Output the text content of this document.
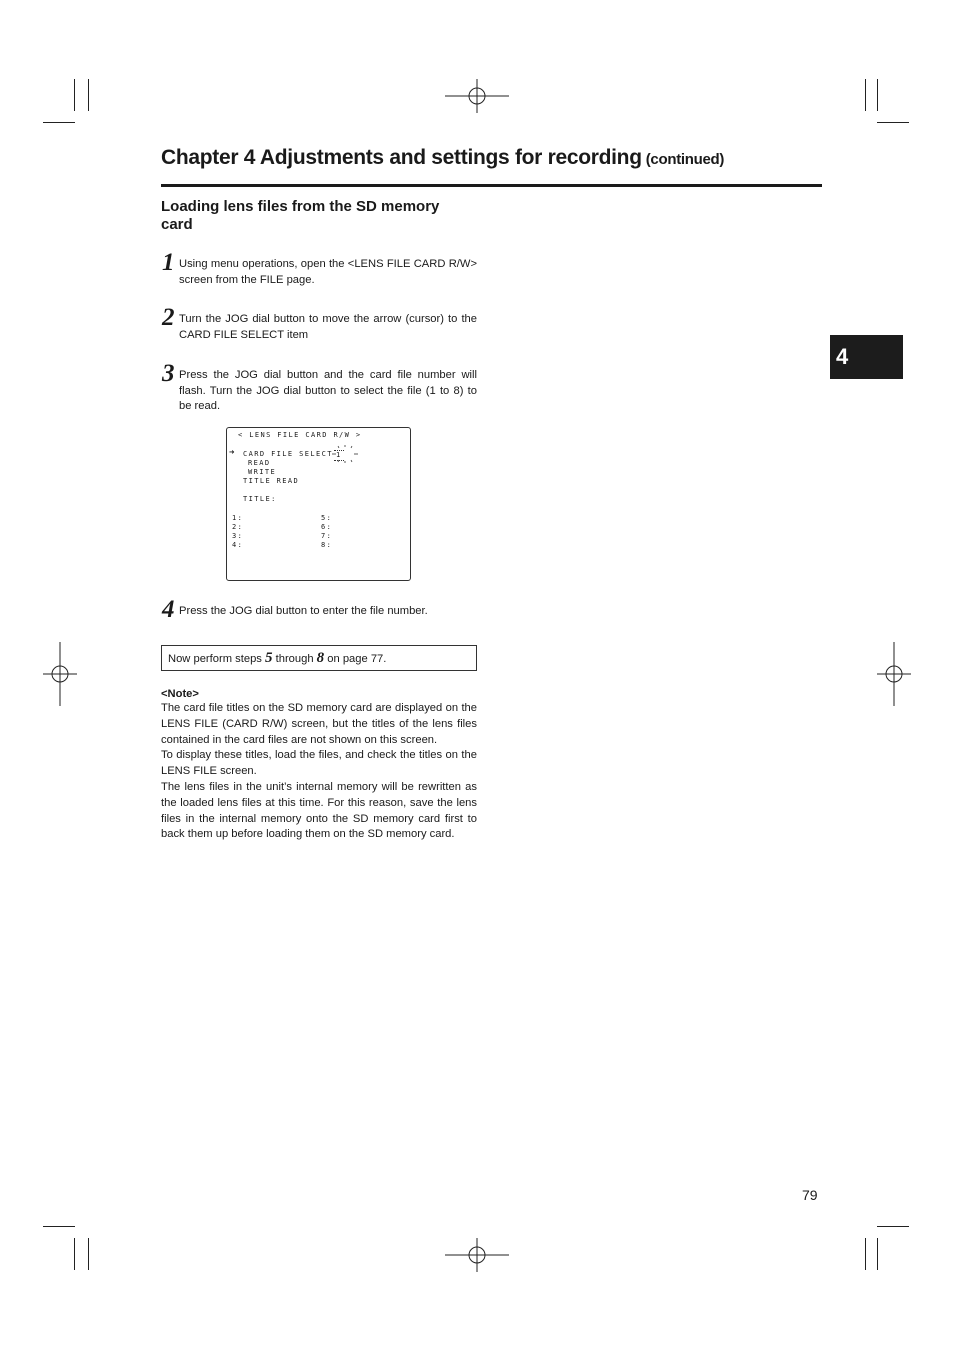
Chapter 4 Adjustments and settings for recording (continued)
Loading lens files from the SD memory card
1 Using menu operations, open the <LENS FILE CARD R/W> screen from the FILE page.
2 Turn the JOG dial button to move the arrow (cursor) to the CARD FILE SELECT item
3 Press the JOG dial button and the card file number will flash. Turn the JOG dial button to select the file (1 to 8) to be read.
< LENS FILE CARD R/W >
➜ CARD FILE SELECT 1
READ
WRITE
TITLE READ
TITLE:
1:
2:
3:
4:
5:
6:
7:
8:
4 Press the JOG dial button to enter the file number.
Now perform steps 5 through 8 on page 77.
<Note>

The card file titles on the SD memory card are displayed on the LENS FILE (CARD R/W) screen, but the titles of the lens files contained in the card files are not shown on this screen.

To display these titles, load the files, and check the titles on the LENS FILE screen.

The lens files in the unit’s internal memory will be rewritten as the loaded lens files at this time. For this reason, save the lens files in the internal memory onto the SD memory card first to back them up before loading them on the SD memory card.

4
79
